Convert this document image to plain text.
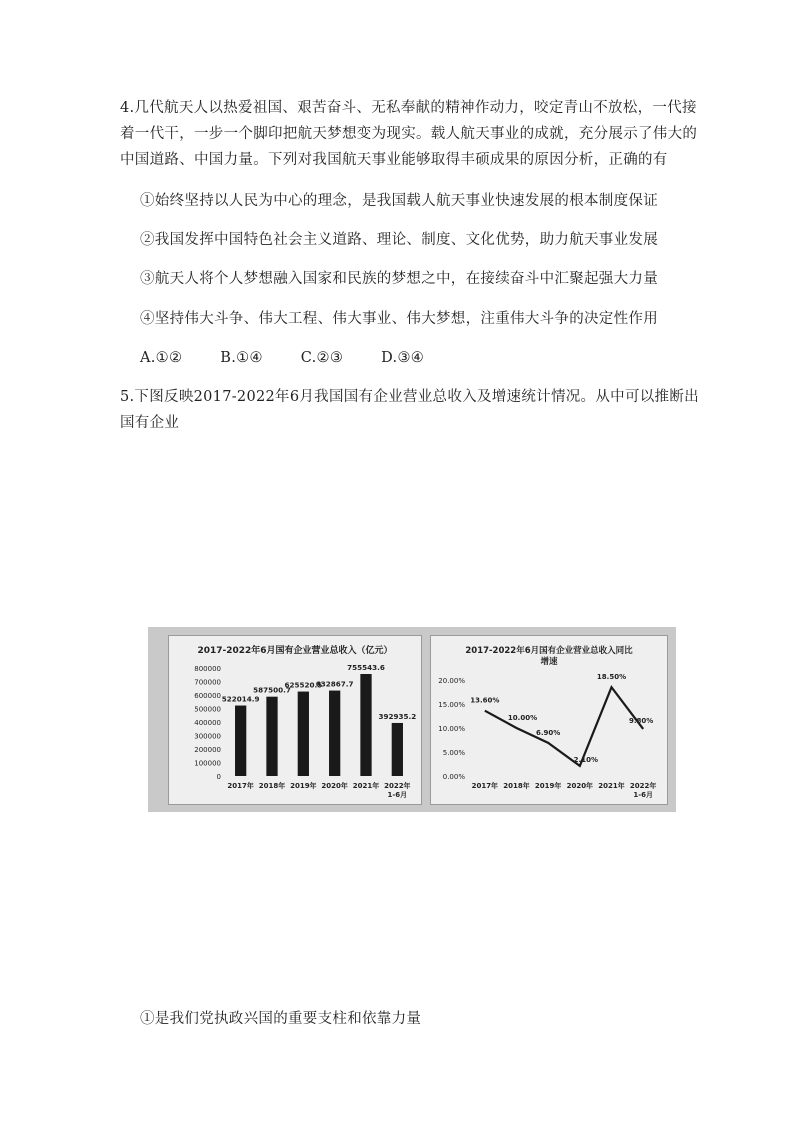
4.几代航天人以热爱祖国、艰苦奋斗、无私奉献的精神作动力，咬定青山不放松，一代接
着一代干，一步一个脚印把航天梦想变为现实。载人航天事业的成就，充分展示了伟大的
中国道路、中国力量。下列对我国航天事业能够取得丰硕成果的原因分析，正确的有
①始终坚持以人民为中心的理念，是我国载人航天事业快速发展的根本制度保证
②我国发挥中国特色社会主义道路、理论、制度、文化优势，助力航天事业发展
③航天人将个人梦想融入国家和民族的梦想之中，在接续奋斗中汇聚起强大力量
④坚持伟大斗争、伟大工程、伟大事业、伟大梦想，注重伟大斗争的决定性作用
A.①②	B.①④	C.②③	D.③④
5.下图反映2017-2022年6月我国国有企业营业总收入及增速统计情况。从中可以推断出
国有企业
2017-2022年6月国有企业营业总收入（亿元）
0
100000
200000
300000
400000
500000
600000
700000
800000
522014.9
2017年
587500.7
2018年
625520.5
2019年
632867.7
2020年
755543.6
2021年
392935.2
2022年
1-6月
2017-2022年6月国有企业营业总收入同比
增速
0.00%
5.00%
10.00%
15.00%
20.00%
13.60%
2017年
10.00%
2018年
6.90%
2019年
2.10%
2020年
18.50%
2021年
9.80%
2022年
1-6月
①是我们党执政兴国的重要支柱和依靠力量
